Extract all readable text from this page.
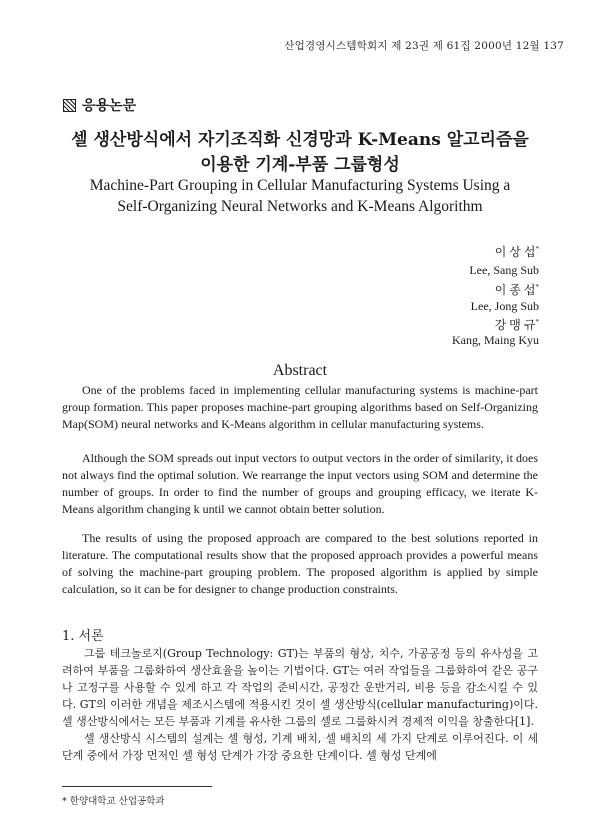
산업경영시스템학회지 제 23권 제 61집 2000년 12월 137
응용논문
셀 생산방식에서 자기조직화 신경망과 K-Means 알고리즘을
이용한 기계-부품 그룹형성
Machine-Part Grouping in Cellular Manufacturing Systems Using a
Self-Organizing Neural Networks and K-Means Algorithm
이 상 섭*
Lee, Sang Sub
이 종 섭*
Lee, Jong Sub
강 맹 규*
Kang, Maing Kyu
Abstract

One of the problems faced in implementing cellular manufacturing systems is machine-part group formation. This paper proposes machine-part grouping algorithms based on Self-Organizing Map(SOM) neural networks and K-Means algorithm in cellular manufacturing systems.

Although the SOM spreads out input vectors to output vectors in the order of similarity, it does not always find the optimal solution. We rearrange the input vectors using SOM and determine the number of groups. In order to find the number of groups and grouping efficacy, we iterate K-Means algorithm changing k until we cannot obtain better solution.

The results of using the proposed approach are compared to the best solutions reported in literature. The computational results show that the proposed approach provides a powerful means of solving the machine-part grouping problem. The proposed algorithm is applied by simple calculation, so it can be for designer to change production constraints.

1. 서론

그룹 테크놀로지(Group Technology: GT)는 부품의 형상, 치수, 가공공정 등의 유사성을 고려하여 부품을 그룹화하여 생산효율을 높이는 기법이다. GT는 여러 작업들을 그룹화하여 같은 공구나 고정구를 사용할 수 있게 하고 각 작업의 준비시간, 공정간 운반거리, 비용 등을 감소시킬 수 있다. GT의 이러한 개념을 제조시스템에 적용시킨 것이 셀 생산방식(cellular manufacturing)이다. 셀 생산방식에서는 모든 부품과 기계를 유사한 그룹의 셀로 그룹화시켜 경제적 이익을 창출한다[1].

셀 생산방식 시스템의 설계는 셀 형성, 기계 배치, 셀 배치의 세 가지 단계로 이루어진다. 이 세 단계 중에서 가장 먼저인 셀 형성 단계가 가장 중요한 단계이다. 셀 형성 단계에

* 한양대학교 산업공학과
